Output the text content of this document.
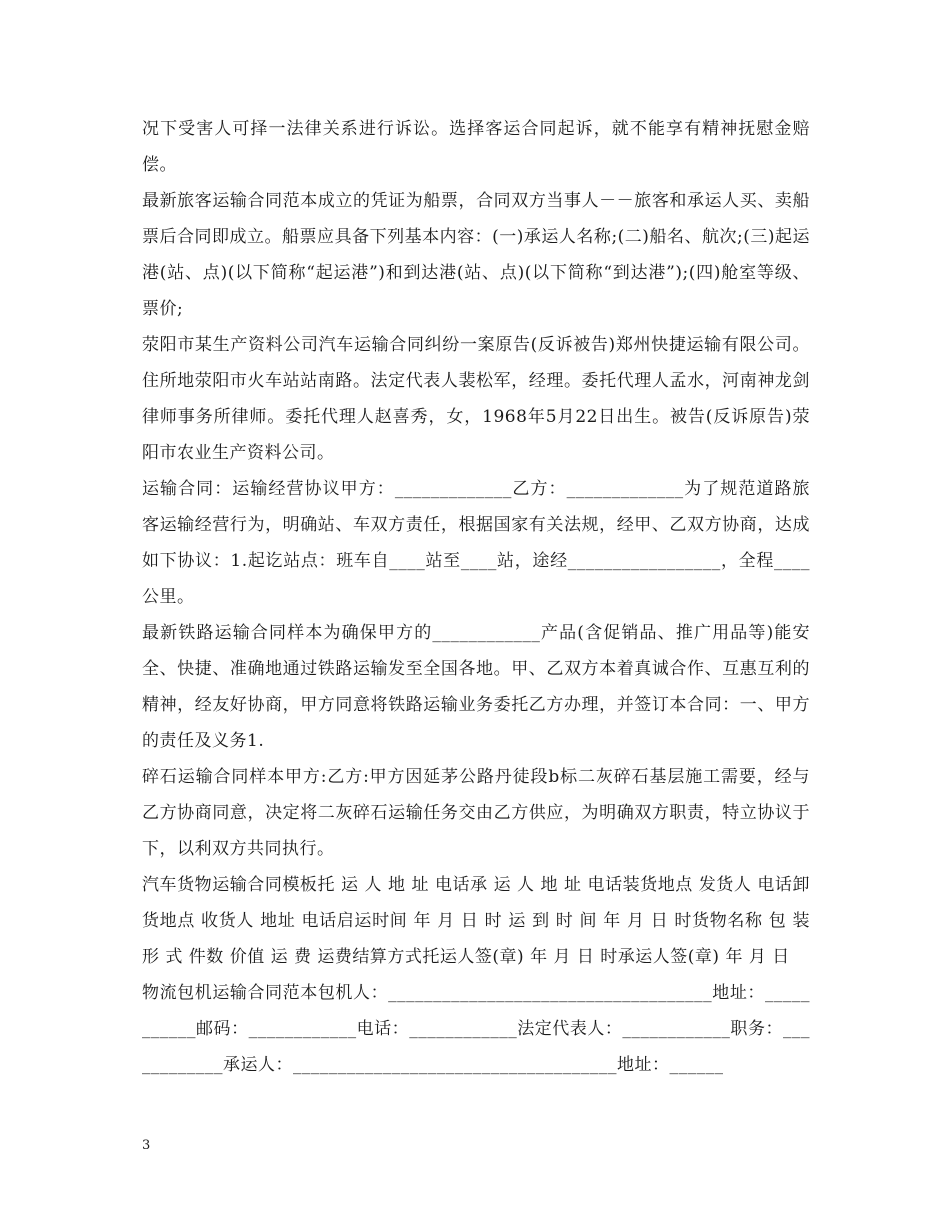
况下受害人可择一法律关系进行诉讼。选择客运合同起诉，就不能享有精神抚慰金赔偿。

最新旅客运输合同范本成立的凭证为船票，合同双方当事人－－旅客和承运人买、卖船票后合同即成立。船票应具备下列基本内容：(一)承运人名称;(二)船名、航次;(三)起运港(站、点)(以下简称“起运港”)和到达港(站、点)(以下简称“到达港”);(四)舱室等级、票价;

荥阳市某生产资料公司汽车运输合同纠纷一案原告(反诉被告)郑州快捷运输有限公司。住所地荥阳市火车站站南路。法定代表人裴松军，经理。委托代理人孟水，河南神龙剑律师事务所律师。委托代理人赵喜秀，女，1968年5月22日出生。被告(反诉原告)荥阳市农业生产资料公司。

运输合同：运输经营协议甲方：_____________乙方：_____________为了规范道路旅客运输经营行为，明确站、车双方责任，根据国家有关法规，经甲、乙双方协商，达成如下协议：1.起讫站点：班车自____站至____站，途经_________________，全程____公里。

最新铁路运输合同样本为确保甲方的____________产品(含促销品、推广用品等)能安全、快捷、准确地通过铁路运输发至全国各地。甲、乙双方本着真诚合作、互惠互利的精神，经友好协商，甲方同意将铁路运输业务委托乙方办理，并签订本合同：一、甲方的责任及义务1.

碎石运输合同样本甲方:乙方:甲方因延茅公路丹徒段b标二灰碎石基层施工需要，经与乙方协商同意，决定将二灰碎石运输任务交由乙方供应，为明确双方职责，特立协议于下，以利双方共同执行。

汽车货物运输合同模板托 运 人 地 址 电话承 运 人 地 址 电话装货地点 发货人 电话卸货地点 收货人 地址 电话启运时间 年 月 日 时 运 到 时 间 年 月 日 时货物名称 包 装 形 式 件数 价值 运 费 运费结算方式托运人签(章) 年 月 日 时承运人签(章) 年 月 日

物流包机运输合同范本包机人：____________________________________地址：___________邮码：____________电话：____________法定代表人：____________职务：____________承运人：____________________________________地址：______

3
